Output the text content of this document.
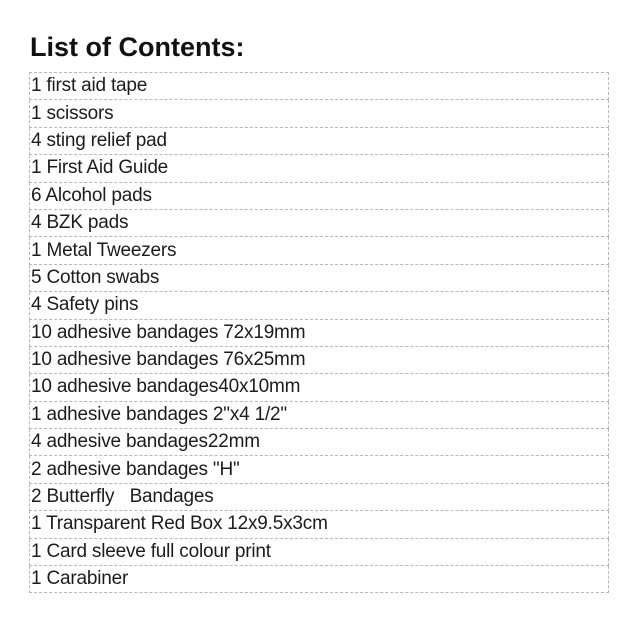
List of Contents:
1 first aid tape
1 scissors
4 sting relief pad
1 First Aid Guide
6 Alcohol pads
4 BZK pads
1 Metal Tweezers
5 Cotton swabs
4 Safety pins
10 adhesive bandages 72x19mm
10 adhesive bandages 76x25mm
10 adhesive bandages40x10mm
1 adhesive bandages 2"x4 1/2"
4 adhesive bandages22mm
2 adhesive bandages "H"
2 Butterfly   Bandages
1 Transparent Red Box 12x9.5x3cm
1 Card sleeve full colour print
1 Carabiner
